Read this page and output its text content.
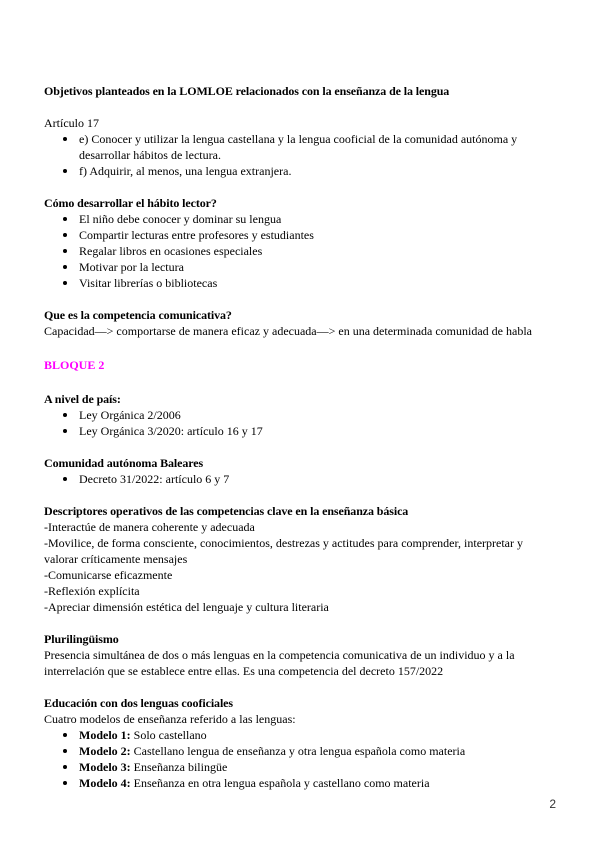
Objetivos planteados en la LOMLOE relacionados con la enseñanza de la lengua
Artículo 17
e) Conocer y utilizar la lengua castellana y la lengua cooficial de la comunidad autónoma y desarrollar hábitos de lectura.
f) Adquirir, al menos, una lengua extranjera.
Cómo desarrollar el hábito lector?
El niño debe conocer y dominar su lengua
Compartir lecturas entre profesores y estudiantes
Regalar libros en ocasiones especiales
Motivar por la lectura
Visitar librerías o bibliotecas
Que es la competencia comunicativa?
Capacidad—> comportarse de manera eficaz y adecuada—> en una determinada comunidad de habla
BLOQUE 2
A nivel de país:
Ley Orgánica 2/2006
Ley Orgánica 3/2020: artículo 16 y 17
Comunidad autónoma Baleares
Decreto 31/2022: artículo 6 y 7
Descriptores operativos de las competencias clave en la enseñanza básica
-Interactúe de manera coherente y adecuada
-Movilice, de forma consciente, conocimientos, destrezas y actitudes para comprender, interpretar y valorar críticamente mensajes
-Comunicarse eficazmente
-Reflexión explícita
-Apreciar dimensión estética del lenguaje y cultura literaria
Plurilingüismo
Presencia simultánea de dos o más lenguas en la competencia comunicativa de un individuo y a la interrelación que se establece entre ellas. Es una competencia del decreto 157/2022
Educación con dos lenguas cooficiales
Cuatro modelos de enseñanza referido a las lenguas:
Modelo 1: Solo castellano
Modelo 2: Castellano lengua de enseñanza y otra lengua española como materia
Modelo 3: Enseñanza bilingüe
Modelo 4: Enseñanza en otra lengua española y castellano como materia
2
